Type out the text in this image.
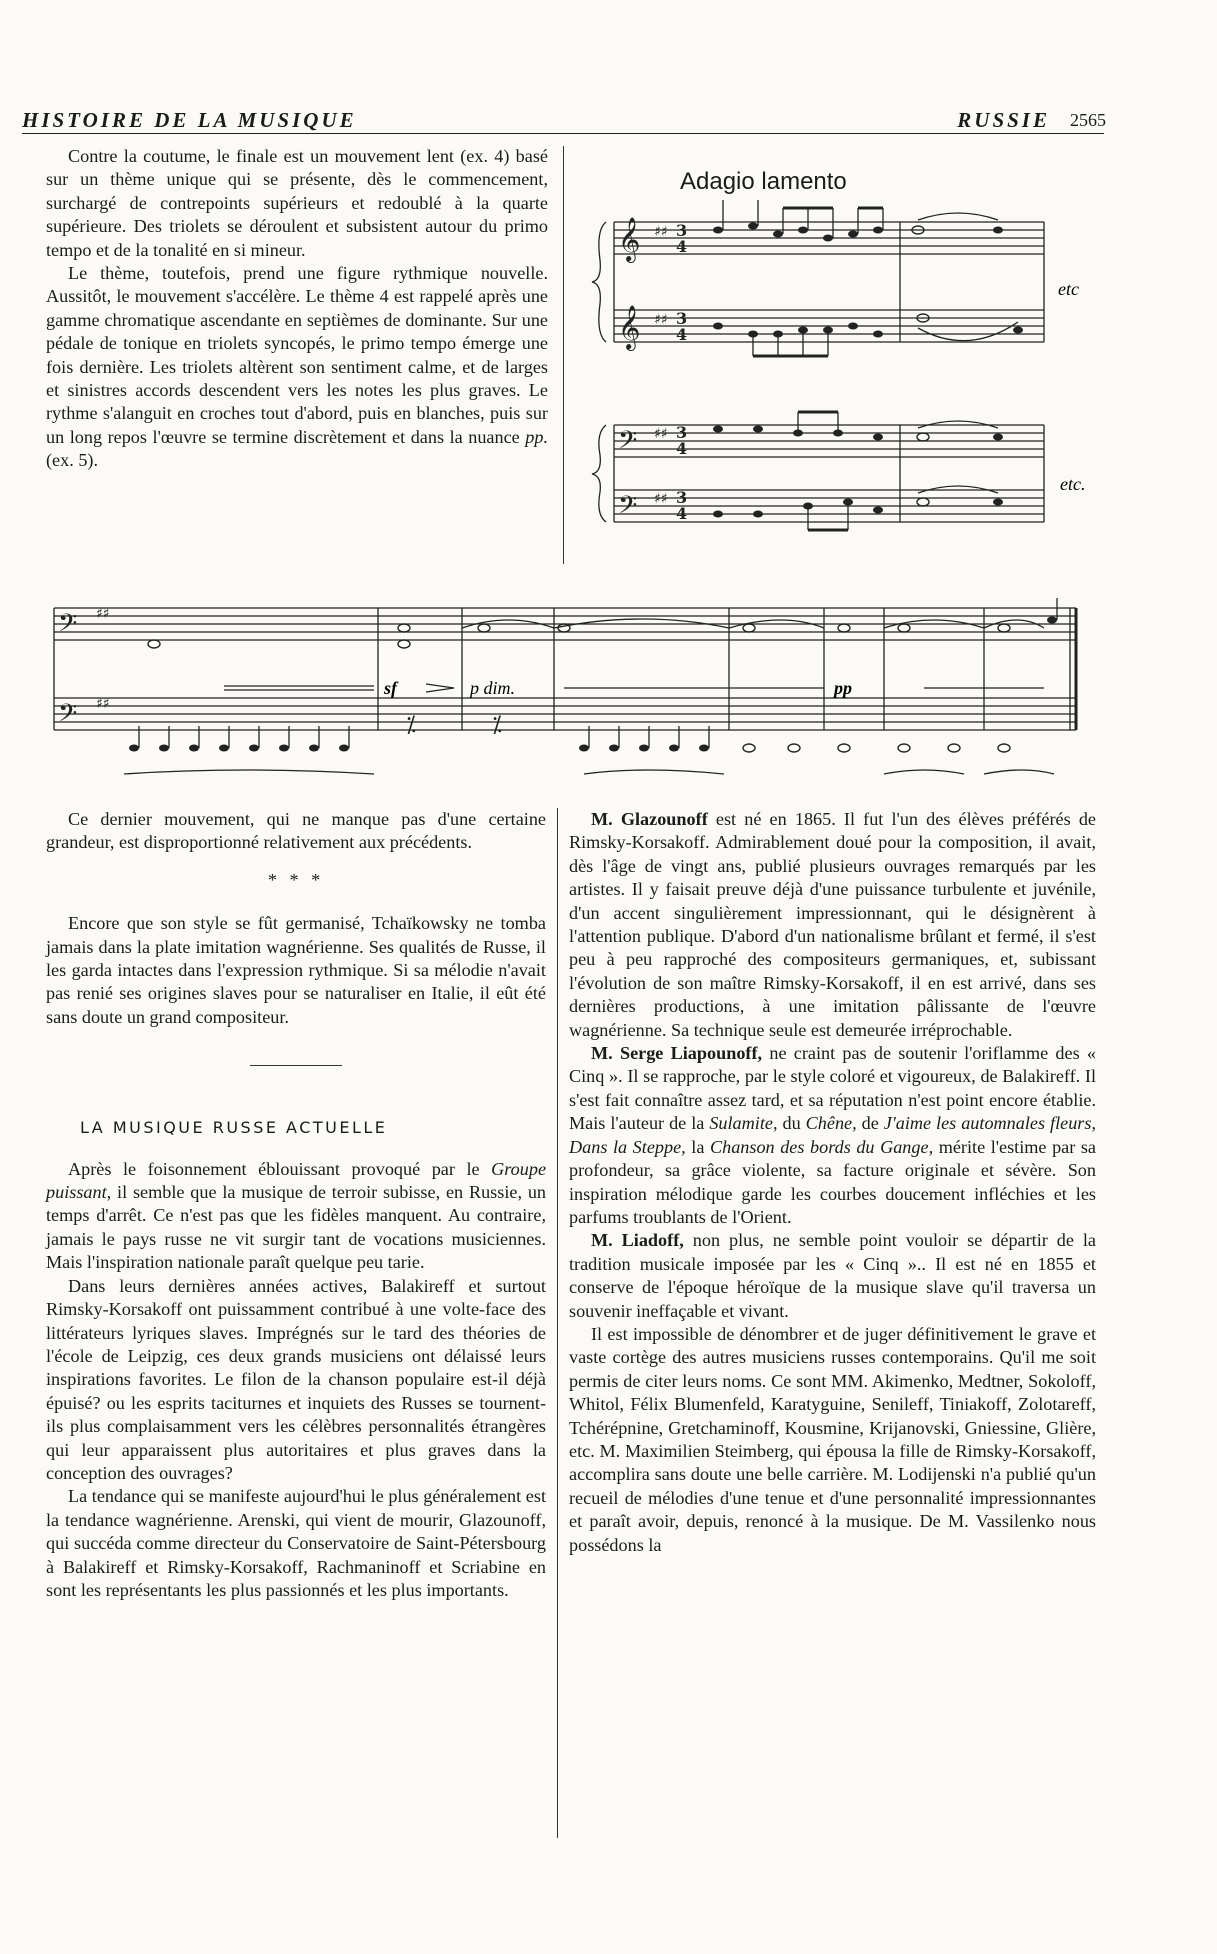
HISTOIRE DE LA MUSIQUE	RUSSIE 2565

Contre la coutume, le finale est un mouvement lent (ex. 4) basé sur un thème unique qui se présente, dès le commencement, surchargé de contrepoints supérieurs et redoublé à la quarte supérieure. Des triolets se déroulent et subsistent autour du primo tempo et de la tonalité en si mineur.

Le thème, toutefois, prend une figure rythmique nouvelle. Aussitôt, le mouvement s'accélère. Le thème 4 est rappelé après une gamme chromatique ascendante en septièmes de dominante. Sur une pédale de tonique en triolets syncopés, le primo tempo émerge une fois dernière. Les triolets altèrent son sentiment calme, et de larges et sinistres accords descendent vers les notes les plus graves. Le rythme s'alanguit en croches tout d'abord, puis en blanches, puis sur un long repos l'œuvre se termine discrètement et dans la nuance pp. (ex. 5).

Adagio lamento
𝄞
𝄞
𝄢
𝄢
♯♯
♯♯
♯♯
♯♯
3
4
3
4
3
4
3
4
etc
etc.
𝄢
𝄢
♯♯
♯♯
⁒	⁒
sf	p dim.	pp

Ce dernier mouvement, qui ne manque pas d'une certaine grandeur, est disproportionné relativement aux précédents.

* * *

Encore que son style se fût germanisé, Tchaïkowsky ne tomba jamais dans la plate imitation wagnérienne. Ses qualités de Russe, il les garda intactes dans l'expression rythmique. Si sa mélodie n'avait pas renié ses origines slaves pour se naturaliser en Italie, il eût été sans doute un grand compositeur.

LA MUSIQUE RUSSE ACTUELLE

Après le foisonnement éblouissant provoqué par le Groupe puissant, il semble que la musique de terroir subisse, en Russie, un temps d'arrêt. Ce n'est pas que les fidèles manquent. Au contraire, jamais le pays russe ne vit surgir tant de vocations musiciennes. Mais l'inspiration nationale paraît quelque peu tarie.

Dans leurs dernières années actives, Balakireff et surtout Rimsky-Korsakoff ont puissamment contribué à une volte-face des littérateurs lyriques slaves. Imprégnés sur le tard des théories de l'école de Leipzig, ces deux grands musiciens ont délaissé leurs inspirations favorites. Le filon de la chanson populaire est-il déjà épuisé? ou les esprits taciturnes et inquiets des Russes se tournent-ils plus complaisamment vers les célèbres personnalités étrangères qui leur apparaissent plus autoritaires et plus graves dans la conception des ouvrages?

La tendance qui se manifeste aujourd'hui le plus généralement est la tendance wagnérienne. Arenski, qui vient de mourir, Glazounoff, qui succéda comme directeur du Conservatoire de Saint-Pétersbourg à Balakireff et Rimsky-Korsakoff, Rachmaninoff et Scriabine en sont les représentants les plus passionnés et les plus importants.

M. Glazounoff est né en 1865. Il fut l'un des élèves préférés de Rimsky-Korsakoff. Admirablement doué pour la composition, il avait, dès l'âge de vingt ans, publié plusieurs ouvrages remarqués par les artistes. Il y faisait preuve déjà d'une puissance turbulente et juvénile, d'un accent singulièrement impressionnant, qui le désignèrent à l'attention publique. D'abord d'un nationalisme brûlant et fermé, il s'est peu à peu rapproché des compositeurs germaniques, et, subissant l'évolution de son maître Rimsky-Korsakoff, il en est arrivé, dans ses dernières productions, à une imitation pâlissante de l'œuvre wagnérienne. Sa technique seule est demeurée irréprochable.

M. Serge Liapounoff, ne craint pas de soutenir l'oriflamme des « Cinq ». Il se rapproche, par le style coloré et vigoureux, de Balakireff. Il s'est fait connaître assez tard, et sa réputation n'est point encore établie. Mais l'auteur de la Sulamite, du Chêne, de J'aime les automnales fleurs, Dans la Steppe, la Chanson des bords du Gange, mérite l'estime par sa profondeur, sa grâce violente, sa facture originale et sévère. Son inspiration mélodique garde les courbes doucement infléchies et les parfums troublants de l'Orient.

M. Liadoff, non plus, ne semble point vouloir se départir de la tradition musicale imposée par les « Cinq ».. Il est né en 1855 et conserve de l'époque héroïque de la musique slave qu'il traversa un souvenir ineffaçable et vivant.

Il est impossible de dénombrer et de juger définitivement le grave et vaste cortège des autres musiciens russes contemporains. Qu'il me soit permis de citer leurs noms. Ce sont MM. Akimenko, Medtner, Sokoloff, Whitol, Félix Blumenfeld, Karatyguine, Senileff, Tiniakoff, Zolotareff, Tchérépnine, Gretchaminoff, Kousmine, Krijanovski, Gniessine, Glière, etc. M. Maximilien Steimberg, qui épousa la fille de Rimsky-Korsakoff, accomplira sans doute une belle carrière. M. Lodijenski n'a publié qu'un recueil de mélodies d'une tenue et d'une personnalité impressionnantes et paraît avoir, depuis, renoncé à la musique. De M. Vassilenko nous possédons la
